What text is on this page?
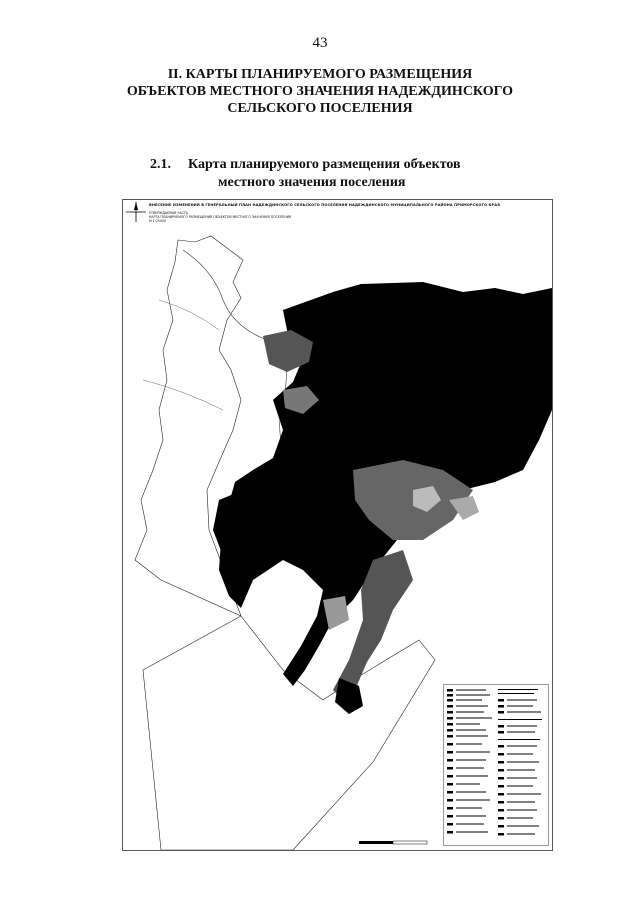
43
II. КАРТЫ ПЛАНИРУЕМОГО РАЗМЕЩЕНИЯ
ОБЪЕКТОВ МЕСТНОГО ЗНАЧЕНИЯ НАДЕЖДИНСКОГО
СЕЛЬСКОГО ПОСЕЛЕНИЯ
2.1. Карта планируемого размещения объектов
местного значения поселения
ВНЕСЕНИЕ ИЗМЕНЕНИЙ В ГЕНЕРАЛЬНЫЙ ПЛАН НАДЕЖДИНСКОГО СЕЛЬСКОГО ПОСЕЛЕНИЯ НАДЕЖДИНСКОГО МУНИЦИПАЛЬНОГО РАЙОНА ПРИМОРСКОГО КРАЯ
УТВЕРЖДАЕМАЯ ЧАСТЬ
КАРТА ПЛАНИРУЕМОГО РАЗМЕЩЕНИЯ ОБЪЕКТОВ МЕСТНОГО ЗНАЧЕНИЯ ПОСЕЛЕНИЯ
М 1:25000
